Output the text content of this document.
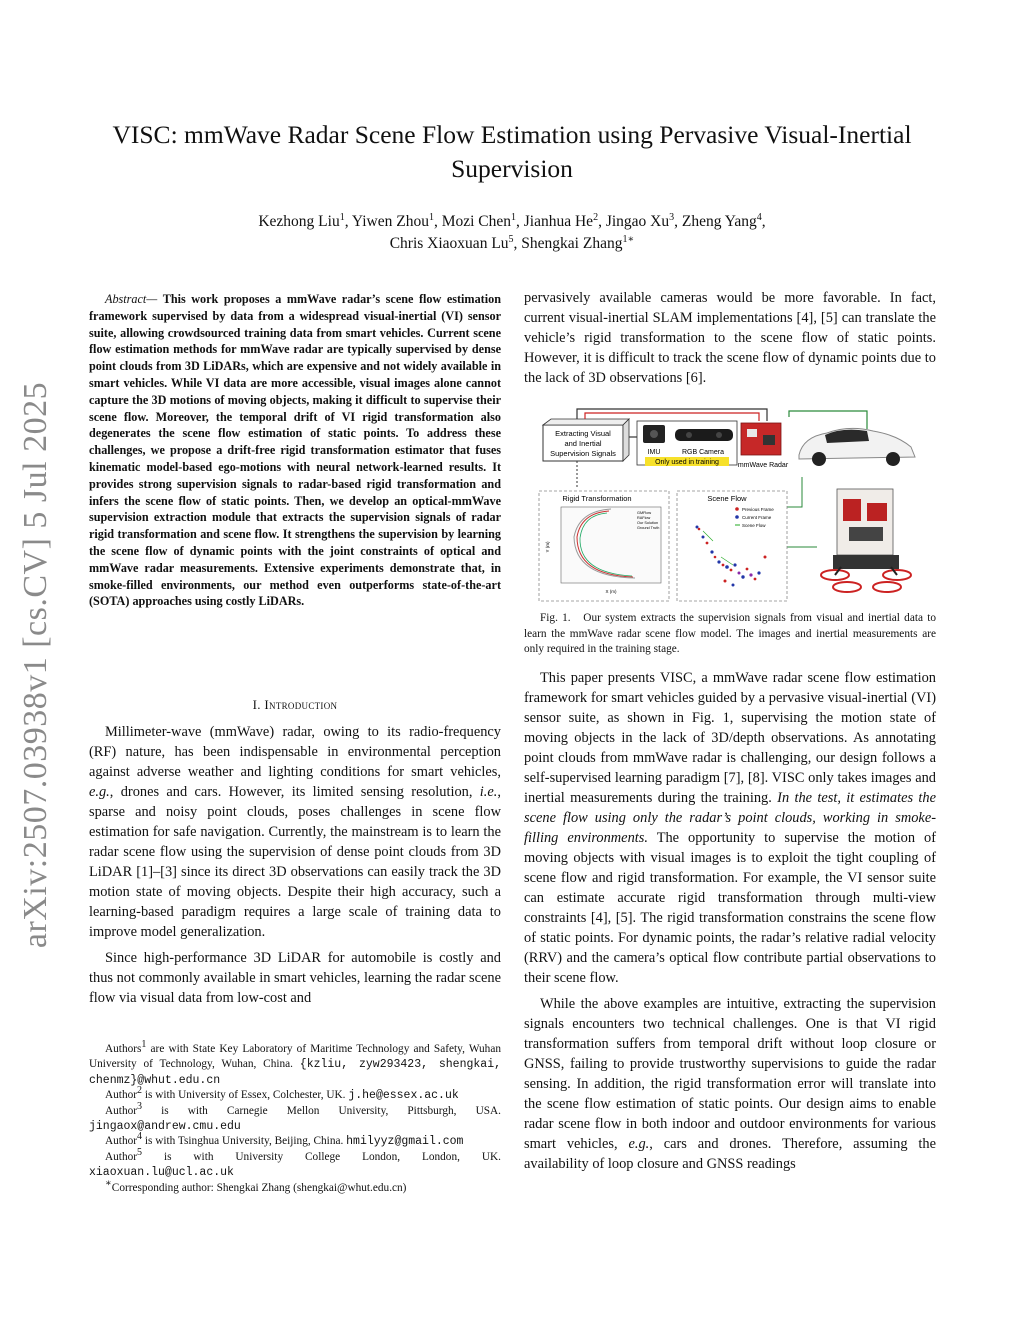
arXiv:2507.03938v1 [cs.CV] 5 Jul 2025
VISC: mmWave Radar Scene Flow Estimation using Pervasive Visual-Inertial Supervision
Kezhong Liu$^1$, Yiwen Zhou$^1$, Mozi Chen$^1$, Jianhua He$^2$, Jingao Xu$^3$, Zheng Yang$^4$,
Chris Xiaoxuan Lu$^5$, Shengkai Zhang$^{1∗}$
Abstract— This work proposes a mmWave radar’s scene flow estimation framework supervised by data from a widespread visual-inertial (VI) sensor suite, allowing crowdsourced training data from smart vehicles. Current scene flow estimation methods for mmWave radar are typically supervised by dense point clouds from 3D LiDARs, which are expensive and not widely available in smart vehicles. While VI data are more accessible, visual images alone cannot capture the 3D motions of moving objects, making it difficult to supervise their scene flow. Moreover, the temporal drift of VI rigid transformation also degenerates the scene flow estimation of static points. To address these challenges, we propose a drift-free rigid transformation estimator that fuses kinematic model-based ego-motions with neural network-learned results. It provides strong supervision signals to radar-based rigid transformation and infers the scene flow of static points. Then, we develop an optical-mmWave supervision extraction module that extracts the supervision signals of radar rigid transformation and scene flow. It strengthens the supervision by learning the scene flow of dynamic points with the joint constraints of optical and mmWave radar measurements. Extensive experiments demonstrate that, in smoke-filled environments, our method even outperforms state-of-the-art (SOTA) approaches using costly LiDARs.
I. Introduction

Millimeter-wave (mmWave) radar, owing to its radio-frequency (RF) nature, has been indispensable in environmental perception against adverse weather and lighting conditions for smart vehicles, e.g., drones and cars. However, its limited sensing resolution, i.e., sparse and noisy point clouds, poses challenges in scene flow estimation for safe navigation. Currently, the mainstream is to learn the radar scene flow using the supervision of dense point clouds from 3D LiDAR [1]–[3] since its direct 3D observations can easily track the 3D motion state of moving objects. Despite their high accuracy, such a learning-based paradigm requires a large scale of training data to improve model generalization.

Since high-performance 3D LiDAR for automobile is costly and thus not commonly available in smart vehicles, learning the radar scene flow via visual data from low-cost and

Authors$^1$ are with State Key Laboratory of Maritime Technology and Safety, Wuhan University of Technology, Wuhan, China. {kzliu, zyw293423, shengkai, chenmz}@whut.edu.cn

Author$^2$ is with University of Essex, Colchester, UK. j.he@essex.ac.uk

Author$^3$ is with Carnegie Mellon University, Pittsburgh, USA. jingaox@andrew.cmu.edu

Author$^4$ is with Tsinghua University, Beijing, China. hmilyyz@gmail.com

Author$^5$ is with University College London, London, UK. xiaoxuan.lu@ucl.ac.uk

∗Corresponding author: Shengkai Zhang (shengkai@whut.edu.cn)

pervasively available cameras would be more favorable. In fact, current visual-inertial SLAM implementations [4], [5] can translate the vehicle’s rigid transformation to the scene flow of static points. However, it is difficult to track the scene flow of dynamic points due to the lack of 3D observations [6].

Extracting Visual
and Inertial
Supervision Signals	IMU	RGB Camera
Only used in training	mmWave Radar
Rigid Transformation
GMFlow
RAFlow
Our Solution
Ground Truth
X (m)
Y (m)
Scene Flow
Previous Frame
Current Frame
Scene Flow
Fig. 1. Our system extracts the supervision signals from visual and inertial data to learn the mmWave radar scene flow model. The images and inertial measurements are only required in the training stage.

This paper presents VISC, a mmWave radar scene flow estimation framework for smart vehicles guided by a pervasive visual-inertial (VI) sensor suite, as shown in Fig. 1, supervising the motion state of moving objects in the lack of 3D/depth observations. As annotating point clouds from mmWave radar is challenging, our design follows a self-supervised learning paradigm [7], [8]. VISC only takes images and inertial measurements during the training. In the test, it estimates the scene flow using only the radar’s point clouds, working in smoke-filling environments. The opportunity to supervise the motion of moving objects with visual images is to exploit the tight coupling of scene flow and rigid transformation. For example, the VI sensor suite can estimate accurate rigid transformation through multi-view constraints [4], [5]. The rigid transformation constrains the scene flow of static points. For dynamic points, the radar’s relative radial velocity (RRV) and the camera’s optical flow contribute partial observations to their scene flow.

While the above examples are intuitive, extracting the supervision signals encounters two technical challenges. One is that VI rigid transformation suffers from temporal drift without loop closure or GNSS, failing to provide trustworthy supervisions to guide the radar sensing. In addition, the rigid transformation error will translate into the scene flow estimation of static points. Our design aims to enable radar scene flow in both indoor and outdoor environments for various smart vehicles, e.g., cars and drones. Therefore, assuming the availability of loop closure and GNSS readings
